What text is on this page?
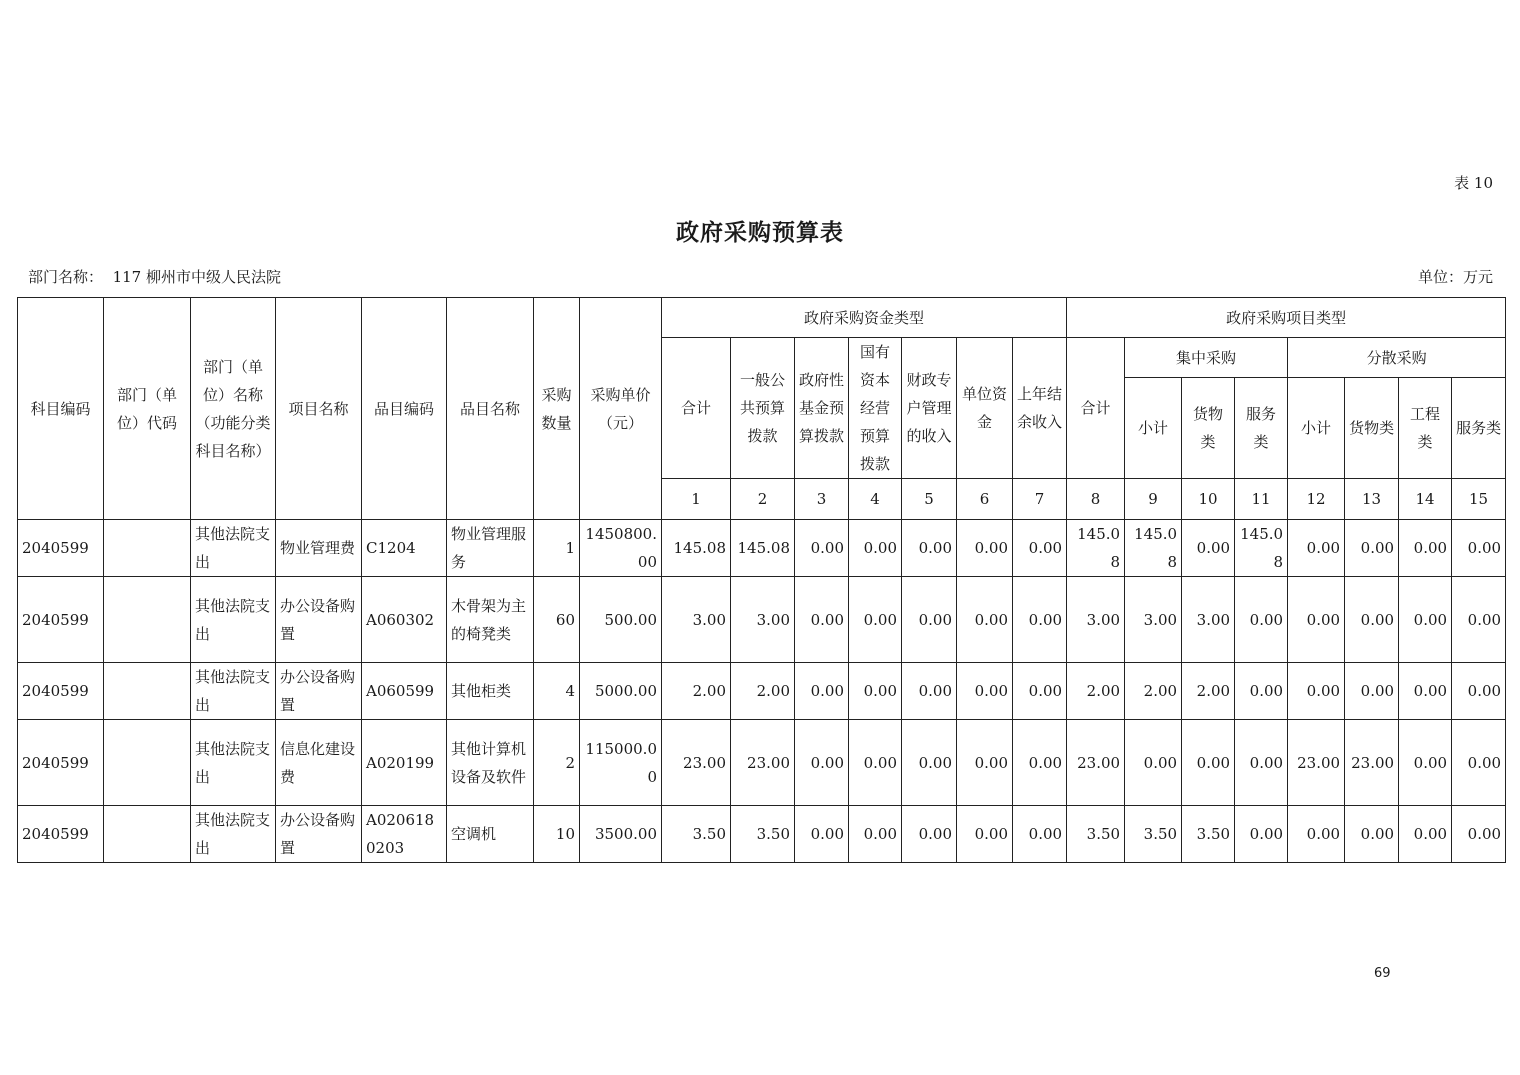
表 10
政府采购预算表
部门名称： 117 柳州市中级人民法院	单位：万元
科目编码	部门（单位）代码	部门（单位）名称（功能分类科目名称）	项目名称	品目编码	品目名称	采购数量	采购单价（元）	政府采购资金类型							政府采购项目类型							
								合计	一般公共预算拨款	政府性基金预算拨款	国有资本经营预算拨款	财政专户管理的收入	单位资金	上年结余收入	合计	集中采购			分散采购			
																小计	货物类	服务类	小计	货物类	工程类	服务类
								1	2	3	4	5	6	7	8	9	10	11	12	13	14	15
2040599		其他法院支出	物业管理费	C1204	物业管理服务	1	1450800.00	145.08	145.08	0.00	0.00	0.00	0.00	0.00	145.08	145.08	0.00	145.08	0.00	0.00	0.00	0.00
2040599		其他法院支出	办公设备购置	A060302	木骨架为主的椅凳类	60	500.00	3.00	3.00	0.00	0.00	0.00	0.00	0.00	3.00	3.00	3.00	0.00	0.00	0.00	0.00	0.00
2040599		其他法院支出	办公设备购置	A060599	其他柜类	4	5000.00	2.00	2.00	0.00	0.00	0.00	0.00	0.00	2.00	2.00	2.00	0.00	0.00	0.00	0.00	0.00
2040599		其他法院支出	信息化建设费	A020199	其他计算机设备及软件	2	115000.00	23.00	23.00	0.00	0.00	0.00	0.00	0.00	23.00	0.00	0.00	0.00	23.00	23.00	0.00	0.00
2040599		其他法院支出	办公设备购置	A0206180203	空调机	10	3500.00	3.50	3.50	0.00	0.00	0.00	0.00	0.00	3.50	3.50	3.50	0.00	0.00	0.00	0.00	0.00
69
